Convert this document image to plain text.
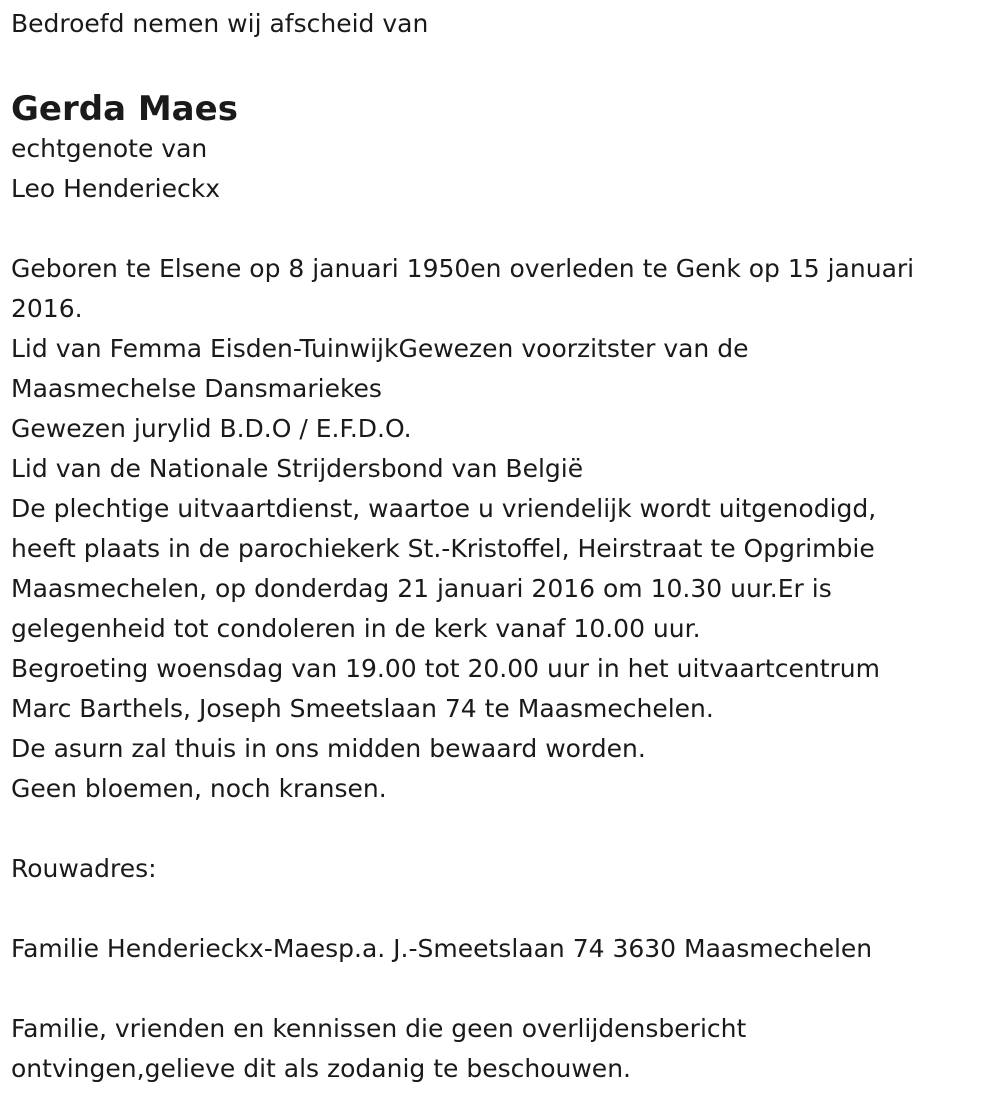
Bedroefd nemen wij afscheid van

Gerda Maes

echtgenote van

Leo Henderieckx

Geboren te Elsene op 8 januari 1950en overleden te Genk op 15 januari

2016.

Lid van Femma Eisden-TuinwijkGewezen voorzitster van de

Maasmechelse Dansmariekes

Gewezen jurylid B.D.O / E.F.D.O.

Lid van de Nationale Strijdersbond van België

De plechtige uitvaartdienst, waartoe u vriendelijk wordt uitgenodigd,

heeft plaats in de parochiekerk St.-Kristoffel, Heirstraat te Opgrimbie

Maasmechelen, op donderdag 21 januari 2016 om 10.30 uur.Er is

gelegenheid tot condoleren in de kerk vanaf 10.00 uur.

Begroeting woensdag van 19.00 tot 20.00 uur in het uitvaartcentrum

Marc Barthels, Joseph Smeetslaan 74 te Maasmechelen.

De asurn zal thuis in ons midden bewaard worden.

Geen bloemen, noch kransen.

Rouwadres:

Familie Henderieckx-Maesp.a. J.-Smeetslaan 74 3630 Maasmechelen

Familie, vrienden en kennissen die geen overlijdensbericht

ontvingen,gelieve dit als zodanig te beschouwen.
